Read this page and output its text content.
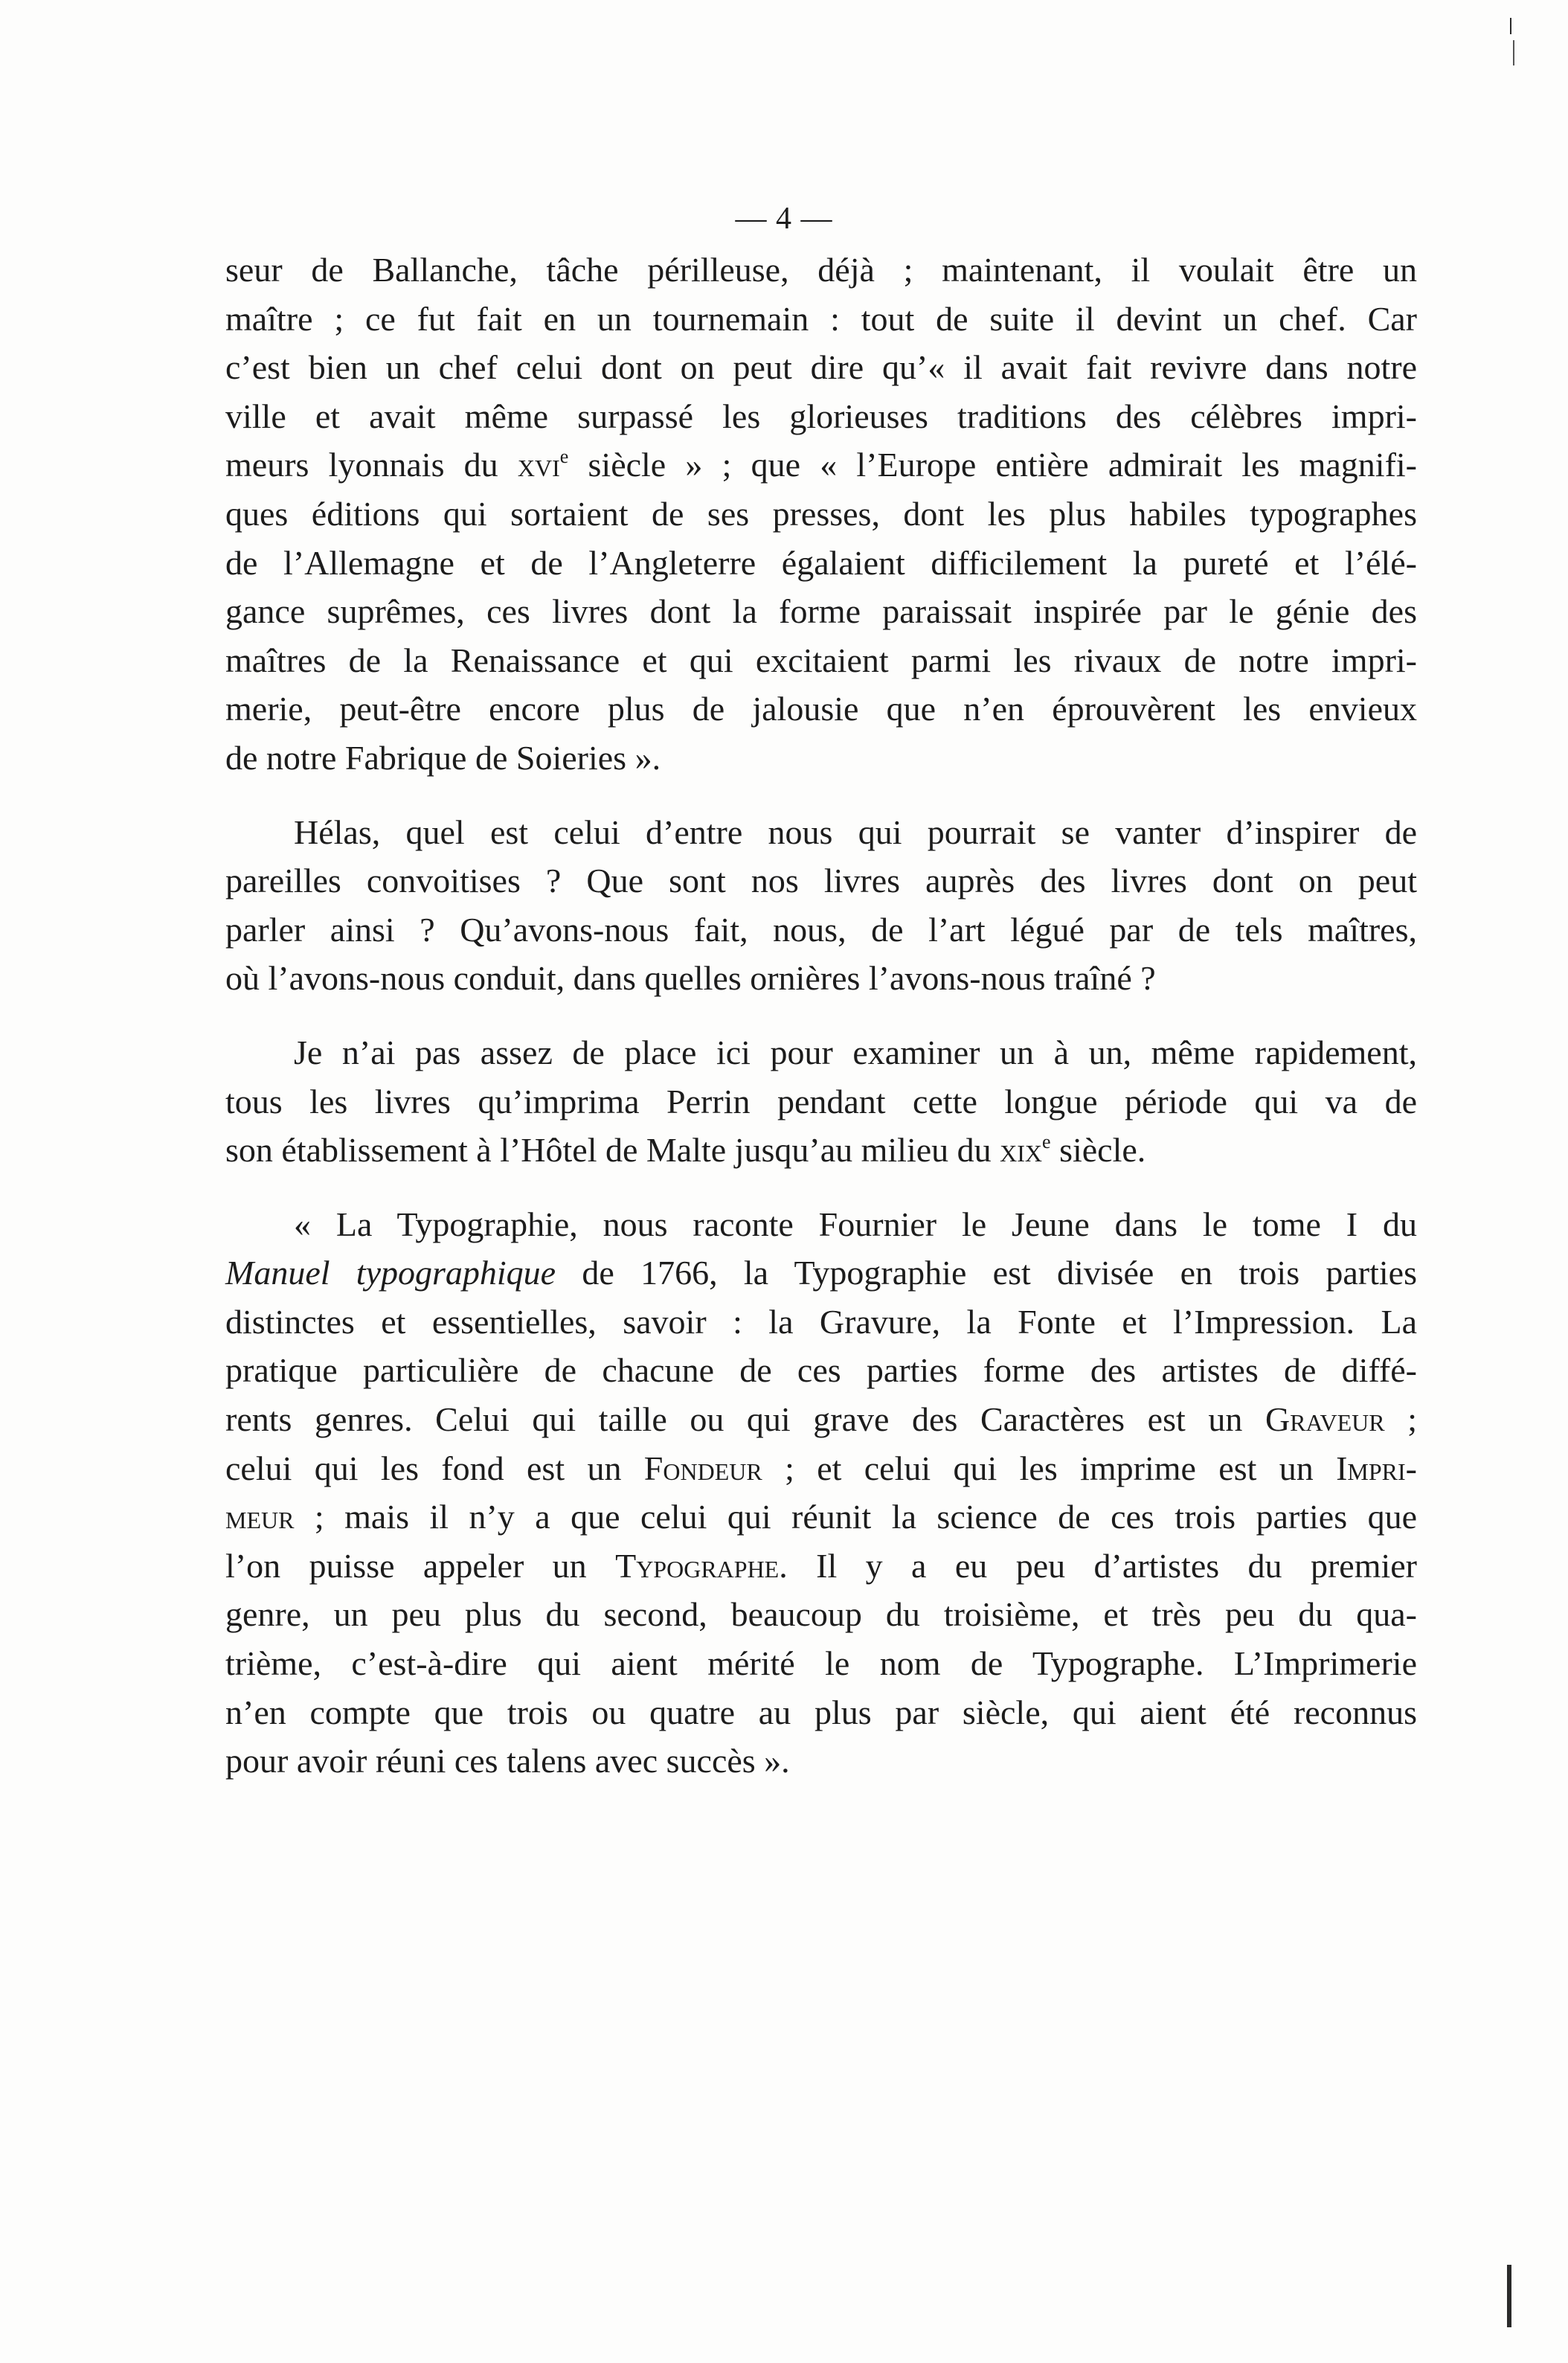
— 4 —
seur de Ballanche, tâche périlleuse, déjà ; maintenant, il voulait être un
maître ; ce fut fait en un tournemain : tout de suite il devint un chef. Car
c’est bien un chef celui dont on peut dire qu’« il avait fait revivre dans notre
ville et avait même surpassé les glorieuses traditions des célèbres impri-
meurs lyonnais du xvi$^e$ siècle » ; que « l’Europe entière admirait les magnifi-
ques éditions qui sortaient de ses presses, dont les plus habiles typographes
de l’Allemagne et de l’Angleterre égalaient difficilement la pureté et l’élé-
gance suprêmes, ces livres dont la forme paraissait inspirée par le génie des
maîtres de la Renaissance et qui excitaient parmi les rivaux de notre impri-
merie, peut-être encore plus de jalousie que n’en éprouvèrent les envieux
de notre Fabrique de Soieries ».
Hélas, quel est celui d’entre nous qui pourrait se vanter d’inspirer de
pareilles convoitises ? Que sont nos livres auprès des livres dont on peut
parler ainsi ? Qu’avons-nous fait, nous, de l’art légué par de tels maîtres,
où l’avons-nous conduit, dans quelles ornières l’avons-nous traîné ?
Je n’ai pas assez de place ici pour examiner un à un, même rapidement,
tous les livres qu’imprima Perrin pendant cette longue période qui va de
son établissement à l’Hôtel de Malte jusqu’au milieu du xix$^e$ siècle.
« La Typographie, nous raconte Fournier le Jeune dans le tome I du
Manuel typographique de 1766, la Typographie est divisée en trois parties
distinctes et essentielles, savoir : la Gravure, la Fonte et l’Impression. La
pratique particulière de chacune de ces parties forme des artistes de diffé-
rents genres. Celui qui taille ou qui grave des Caractères est un Graveur ;
celui qui les fond est un Fondeur ; et celui qui les imprime est un Impri-
meur ; mais il n’y a que celui qui réunit la science de ces trois parties que
l’on puisse appeler un Typographe. Il y a eu peu d’artistes du premier
genre, un peu plus du second, beaucoup du troisième, et très peu du qua-
trième, c’est-à-dire qui aient mérité le nom de Typographe. L’Imprimerie
n’en compte que trois ou quatre au plus par siècle, qui aient été reconnus
pour avoir réuni ces talens avec succès ».
